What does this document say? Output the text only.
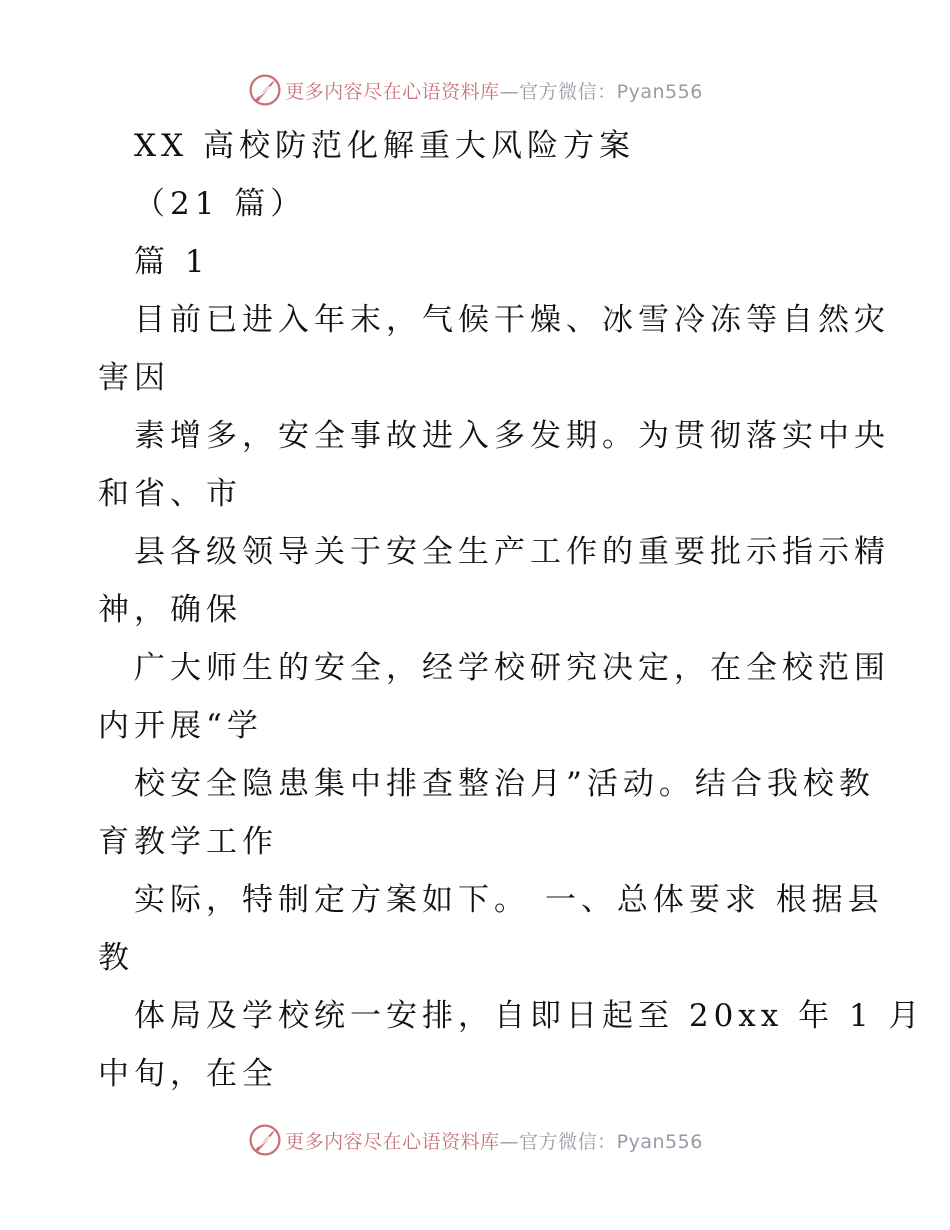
更多内容尽在心语资料库—官方微信：Pyan556
XX 高校防范化解重大风险方案
（21 篇）
篇 1
目前已进入年末，气候干燥、冰雪冷冻等自然灾
害因
素增多，安全事故进入多发期。为贯彻落实中央
和省、市
县各级领导关于安全生产工作的重要批示指示精
神，确保
广大师生的安全，经学校研究决定，在全校范围
内开展“学
校安全隐患集中排查整治月”活动。结合我校教
育教学工作
实际，特制定方案如下。 一、总体要求 根据县
教
体局及学校统一安排，自即日起至 20xx 年 1 月
中旬，在全
更多内容尽在心语资料库—官方微信：Pyan556
